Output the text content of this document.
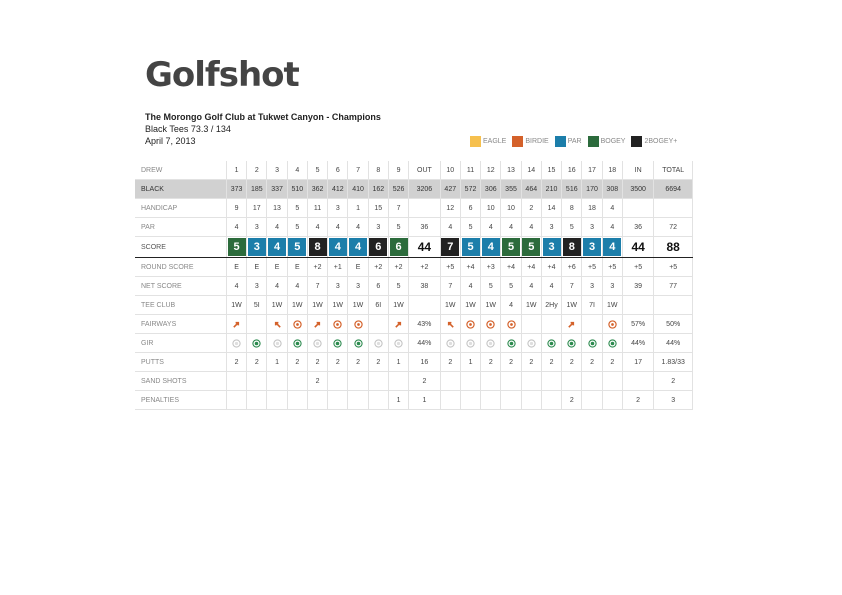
Golfshot
The Morongo Golf Club at Tukwet Canyon - Champions
Black Tees 73.3 / 134
April 7, 2013	EAGLE	BIRDIE	PAR	BOGEY	2BOGEY+
DREW	1	2	3	4	5	6	7	8	9	OUT	10	11	12	13	14	15	16	17	18	IN	TOTAL
BLACK	373	185	337	510	362	412	410	162	526	3206	427	572	306	355	464	210	516	170	308	3500	6694
HANDICAP	9	17	13	5	11	3	1	15	7		12	6	10	10	2	14	8	18	4		
PAR	4	3	4	5	4	4	4	3	5	36	4	5	4	4	4	3	5	3	4	36	72
SCORE	5	3	4	5	8	4	4	6	6	44	7	5	4	5	5	3	8	3	4	44	88
ROUND SCORE	E	E	E	E	+2	+1	E	+2	+2	+2	+5	+4	+3	+4	+4	+4	+6	+5	+5	+5	+5
NET SCORE	4	3	4	4	7	3	3	6	5	38	7	4	5	5	4	4	7	3	3	39	77
TEE CLUB	1W	5I	1W	1W	1W	1W	1W	6I	1W		1W	1W	1W	4	1W	2Hy	1W	7I	1W		
FAIRWAYS										43%										57%	50%
GIR										44%										44%	44%
PUTTS	2	2	1	2	2	2	2	2	1	16	2	1	2	2	2	2	2	2	2	17	1.83/33
SAND SHOTS					2					2											2
PENALTIES									1	1							2			2	3
